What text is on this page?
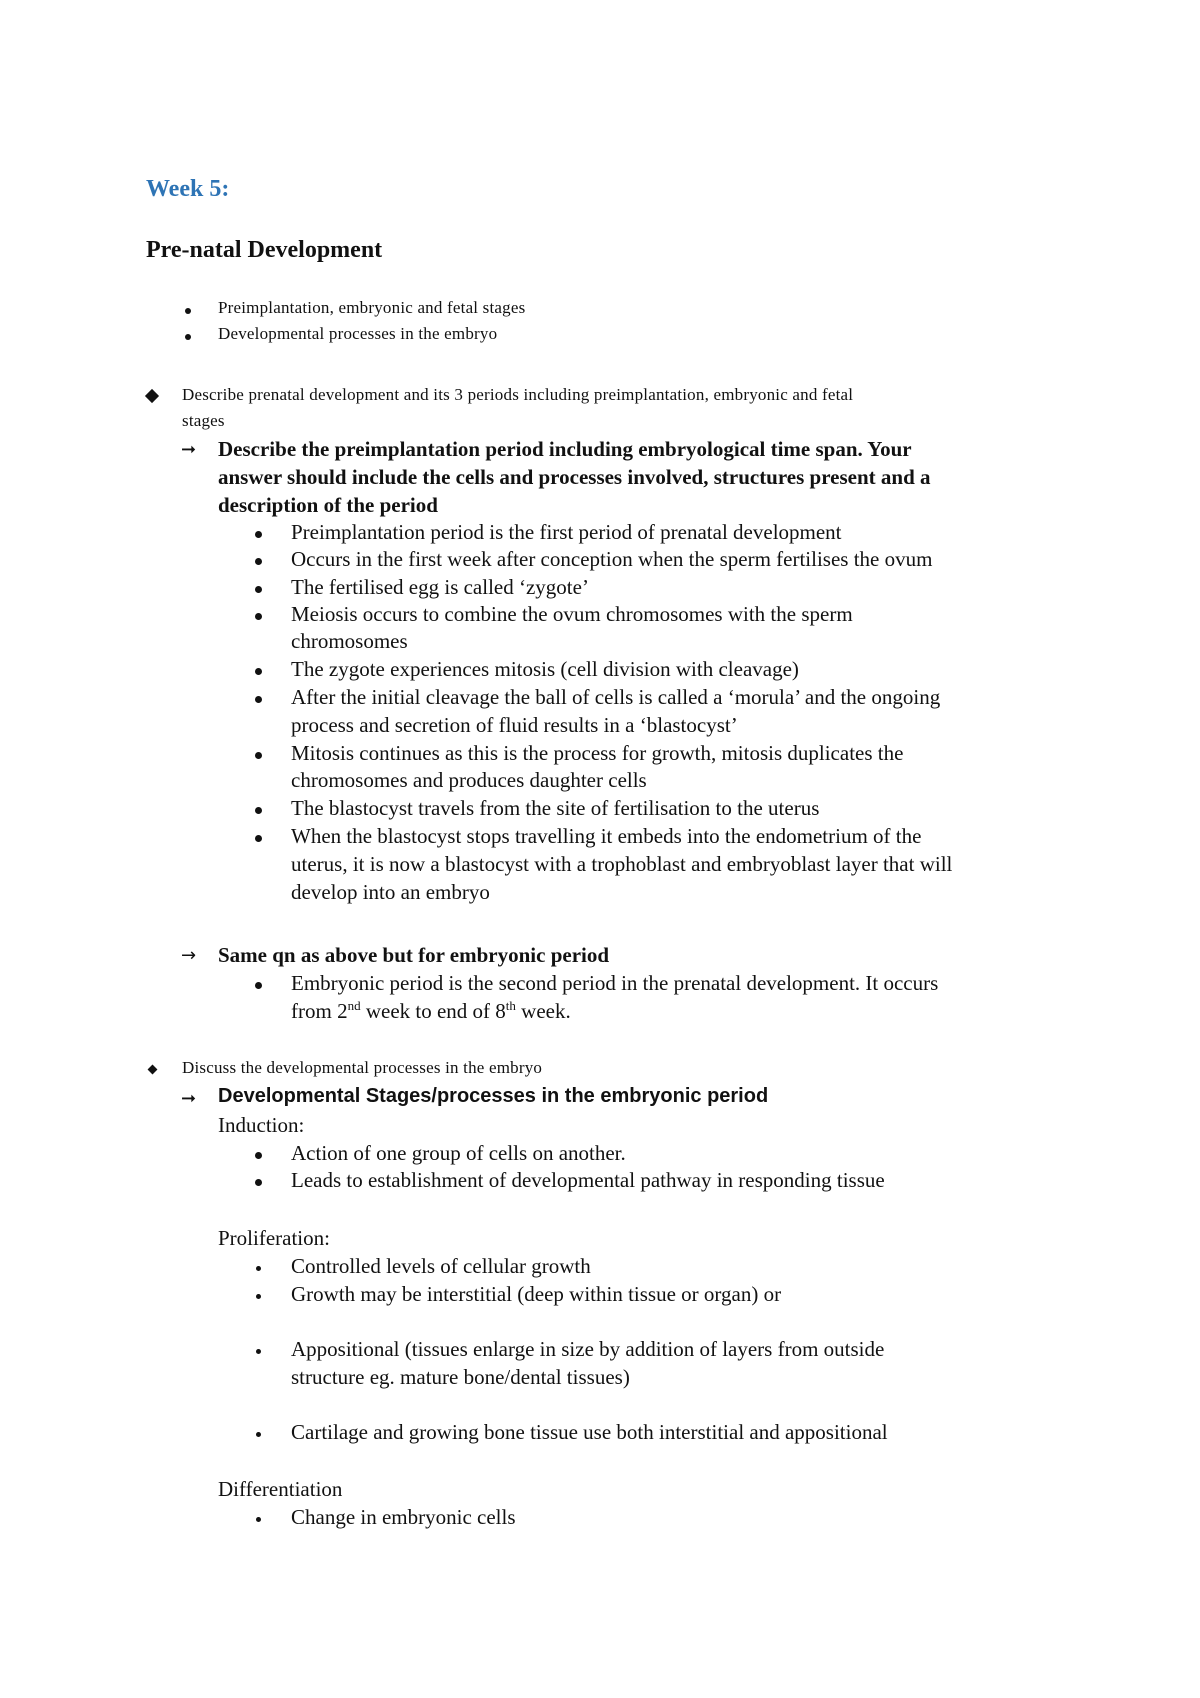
Week 5:

Pre-natal Development

Preimplantation, embryonic and fetal stages

Developmental processes in the embryo

Describe prenatal development and its 3 periods including preimplantation, embryonic and fetal

stages

➞ Describe the preimplantation period including embryological time span. Your

answer should include the cells and processes involved, structures present and a

description of the period

Preimplantation period is the first period of prenatal development

Occurs in the first week after conception when the sperm fertilises the ovum

The fertilised egg is called ‘zygote’

Meiosis occurs to combine the ovum chromosomes with the sperm

chromosomes

The zygote experiences mitosis (cell division with cleavage)

After the initial cleavage the ball of cells is called a ‘morula’ and the ongoing

process and secretion of fluid results in a ‘blastocyst’

Mitosis continues as this is the process for growth, mitosis duplicates the

chromosomes and produces daughter cells

The blastocyst travels from the site of fertilisation to the uterus

When the blastocyst stops travelling it embeds into the endometrium of the

uterus, it is now a blastocyst with a trophoblast and embryoblast layer that will

develop into an embryo

→ Same qn as above but for embryonic period

Embryonic period is the second period in the prenatal development. It occurs

from 2nd week to end of 8th week.

Discuss the developmental processes in the embryo

➞ Developmental Stages/processes in the embryonic period

Induction:

Action of one group of cells on another.

Leads to establishment of developmental pathway in responding tissue

Proliferation:

Controlled levels of cellular growth

Growth may be interstitial (deep within tissue or organ) or

Appositional (tissues enlarge in size by addition of layers from outside

structure eg. mature bone/dental tissues)

Cartilage and growing bone tissue use both interstitial and appositional

Differentiation

Change in embryonic cells
